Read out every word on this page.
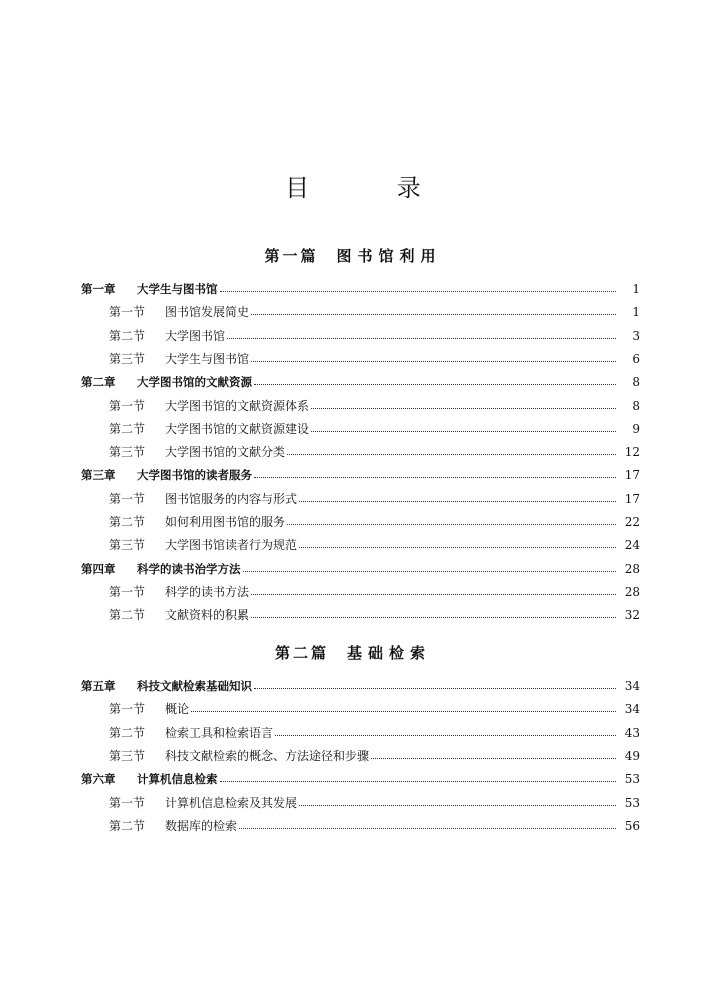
目 录
第一篇 图书馆利用
第一章 大学生与图书馆	1
第一节 图书馆发展简史	1
第二节 大学图书馆	3
第三节 大学生与图书馆	6
第二章 大学图书馆的文献资源	8
第一节 大学图书馆的文献资源体系	8
第二节 大学图书馆的文献资源建设	9
第三节 大学图书馆的文献分类	12
第三章 大学图书馆的读者服务	17
第一节 图书馆服务的内容与形式	17
第二节 如何利用图书馆的服务	22
第三节 大学图书馆读者行为规范	24
第四章 科学的读书治学方法	28
第一节 科学的读书方法	28
第二节 文献资料的积累	32
第二篇 基础检索
第五章 科技文献检索基础知识	34
第一节 概论	34
第二节 检索工具和检索语言	43
第三节 科技文献检索的概念、方法途径和步骤	49
第六章 计算机信息检索	53
第一节 计算机信息检索及其发展	53
第二节 数据库的检索	56
